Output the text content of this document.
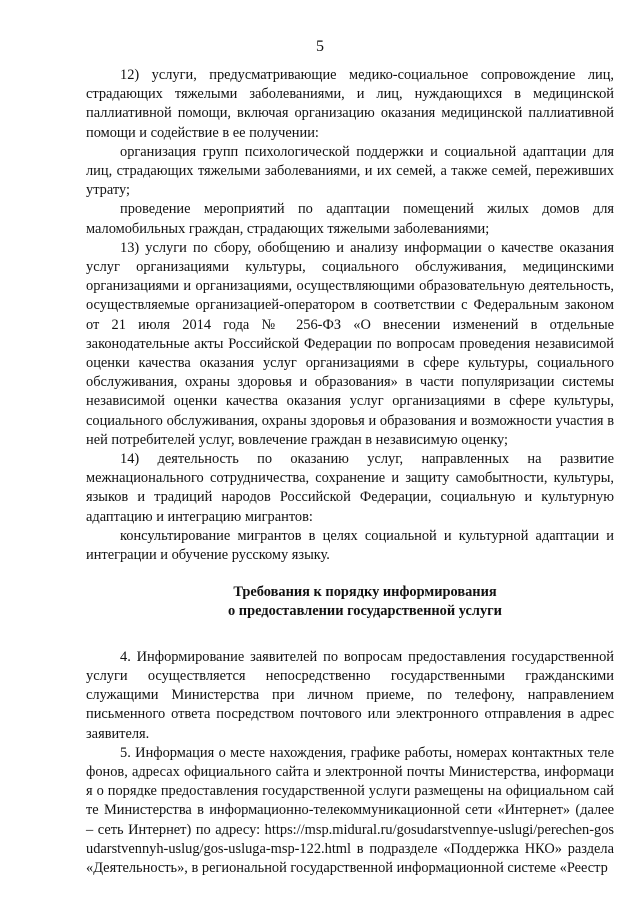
5

12) услуги, предусматривающие медико-социальное сопровождение лиц, страдающих тяжелыми заболеваниями, и лиц, нуждающихся в медицинской паллиативной помощи, включая организацию оказания медицинской паллиативной помощи и содействие в ее получении:

организация групп психологической поддержки и социальной адаптации для лиц, страдающих тяжелыми заболеваниями, и их семей, а также семей, переживших утрату;

проведение мероприятий по адаптации помещений жилых домов для маломобильных граждан, страдающих тяжелыми заболеваниями;

13) услуги по сбору, обобщению и анализу информации о качестве оказания услуг организациями культуры, социального обслуживания, медицинскими организациями и организациями, осуществляющими образовательную деятельность, осуществляемые организацией-оператором в соответствии с Федеральным законом от 21 июля 2014 года № 256-ФЗ «О внесении изменений в отдельные законодательные акты Российской Федерации по вопросам проведения независимой оценки качества оказания услуг организациями в сфере культуры, социального обслуживания, охраны здоровья и образования» в части популяризации системы независимой оценки качества оказания услуг организациями в сфере культуры, социального обслуживания, охраны здоровья и образования и возможности участия в ней потребителей услуг, вовлечение граждан в независимую оценку;

14) деятельность по оказанию услуг, направленных на развитие межнационального сотрудничества, сохранение и защиту самобытности, культуры, языков и традиций народов Российской Федерации, социальную и культурную адаптацию и интеграцию мигрантов:

консультирование мигрантов в целях социальной и культурной адаптации и интеграции и обучение русскому языку.

Требования к порядку информирования
о предоставлении государственной услуги

4. Информирование заявителей по вопросам предоставления государственной услуги осуществляется непосредственно государственными гражданскими служащими Министерства при личном приеме, по телефону, направлением письменного ответа посредством почтового или электронного отправления в адрес заявителя.

5. Информация о месте нахождения, графике работы, номерах контактных телефонов, адресах официального сайта и электронной почты Министерства, информация о порядке предоставления государственной услуги размещены на официальном сайте Министерства в информационно-телекоммуникационной сети «Интернет» (далее – сеть Интернет) по адресу: https://msp.midural.ru/gosudarstvennye-uslugi/perechen-gosudarstvennyh-uslug/gos-usluga-msp-122.html в подразделе «Поддержка НКО» раздела «Деятельность», в региональной государственной информационной системе «Реестр
